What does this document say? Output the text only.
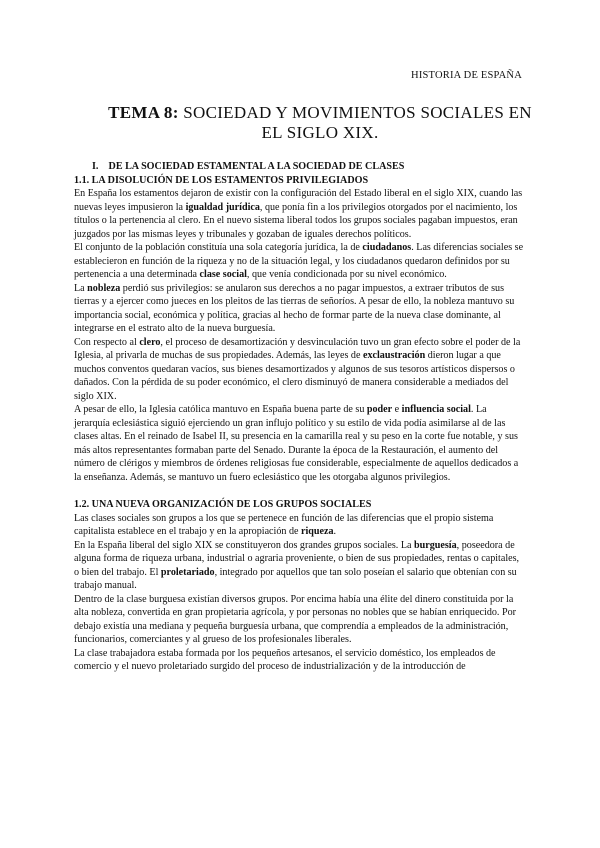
HISTORIA DE ESPAÑA
TEMA 8: SOCIEDAD Y MOVIMIENTOS SOCIALES EN EL SIGLO XIX.

I. DE LA SOCIEDAD ESTAMENTAL A LA SOCIEDAD DE CLASES

1.1. LA DISOLUCIÓN DE LOS ESTAMENTOS PRIVILEGIADOS

En España los estamentos dejaron de existir con la configuración del Estado liberal en el siglo XIX, cuando las nuevas leyes impusieron la igualdad jurídica, que ponía fin a los privilegios otorgados por el nacimiento, los títulos o la pertenencia al clero. En el nuevo sistema liberal todos los grupos sociales pagaban impuestos, eran juzgados por las mismas leyes y tribunales y gozaban de iguales derechos políticos.

El conjunto de la población constituía una sola categoría jurídica, la de ciudadanos. Las diferencias sociales se establecieron en función de la riqueza y no de la situación legal, y los ciudadanos quedaron definidos por su pertenencia a una determinada clase social, que venía condicionada por su nivel económico.

La nobleza perdió sus privilegios: se anularon sus derechos a no pagar impuestos, a extraer tributos de sus tierras y a ejercer como jueces en los pleitos de las tierras de señoríos. A pesar de ello, la nobleza mantuvo su importancia social, económica y política, gracias al hecho de formar parte de la nueva clase dominante, al integrarse en el estrato alto de la nueva burguesía.

Con respecto al clero, el proceso de desamortización y desvinculación tuvo un gran efecto sobre el poder de la Iglesia, al privarla de muchas de sus propiedades. Además, las leyes de exclaustración dieron lugar a que muchos conventos quedaran vacíos, sus bienes desamortizados y algunos de sus tesoros artísticos dispersos o dañados. Con la pérdida de su poder económico, el clero disminuyó de manera considerable a mediados del siglo XIX.

A pesar de ello, la Iglesia católica mantuvo en España buena parte de su poder e influencia social. La jerarquía eclesiástica siguió ejerciendo un gran influjo político y su estilo de vida podía asimilarse al de las clases altas. En el reinado de Isabel II, su presencia en la camarilla real y su peso en la corte fue notable, y sus más altos representantes formaban parte del Senado. Durante la época de la Restauración, el aumento del número de clérigos y miembros de órdenes religiosas fue considerable, especialmente de aquellos dedicados a la enseñanza. Además, se mantuvo un fuero eclesiástico que les otorgaba algunos privilegios.

1.2. UNA NUEVA ORGANIZACIÓN DE LOS GRUPOS SOCIALES

Las clases sociales son grupos a los que se pertenece en función de las diferencias que el propio sistema capitalista establece en el trabajo y en la apropiación de riqueza.

En la España liberal del siglo XIX se constituyeron dos grandes grupos sociales. La burguesía, poseedora de alguna forma de riqueza urbana, industrial o agraria proveniente, o bien de sus propiedades, rentas o capitales, o bien del trabajo. El proletariado, integrado por aquellos que tan solo poseían el salario que obtenían con su trabajo manual.

Dentro de la clase burguesa existían diversos grupos. Por encima había una élite del dinero constituida por la alta nobleza, convertida en gran propietaria agrícola, y por personas no nobles que se habían enriquecido. Por debajo existía una mediana y pequeña burguesía urbana, que comprendía a empleados de la administración, funcionarios, comerciantes y al grueso de los profesionales liberales.

La clase trabajadora estaba formada por los pequeños artesanos, el servicio doméstico, los empleados de comercio y el nuevo proletariado surgido del proceso de industrialización y de la introducción de
